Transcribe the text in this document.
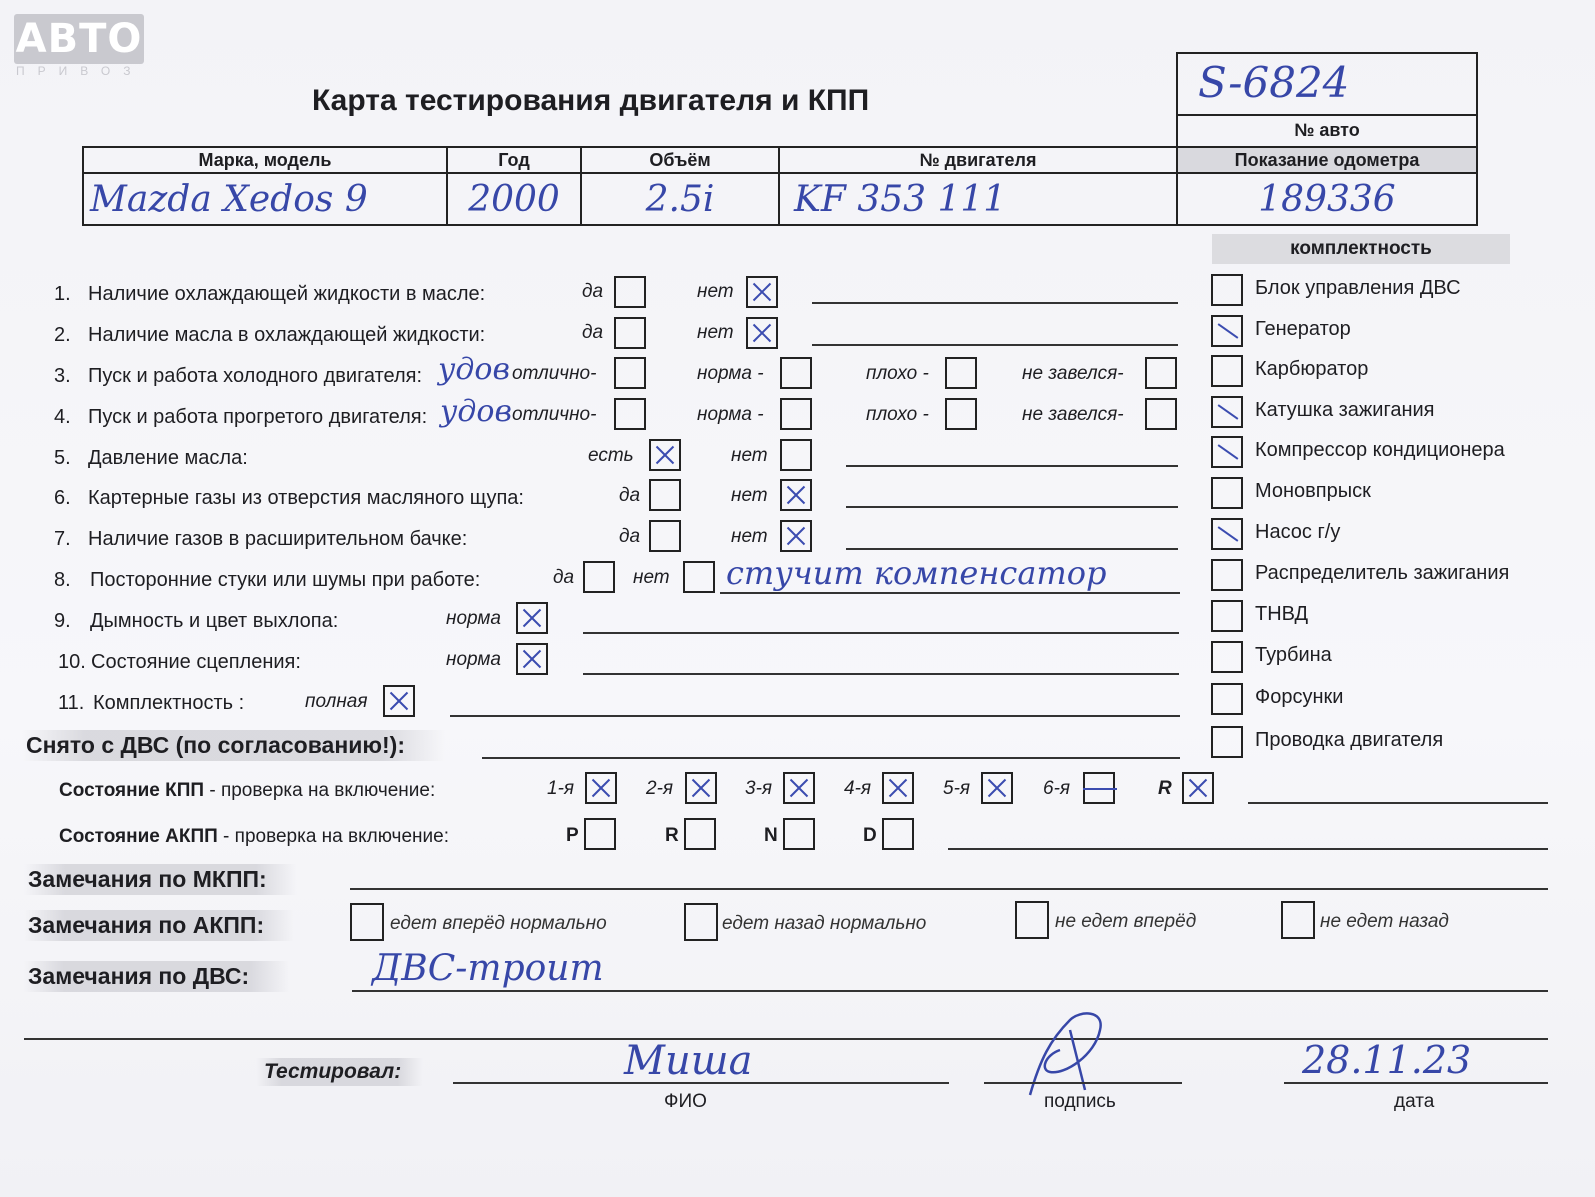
АВТО
ПРИВОЗ
Карта тестирования двигателя и КПП	S-6824
№ авто
Марка, модель	Год	Объём	№ двигателя	Показание одометра
Mazda Xedos 9	2000	2.5i	KF 353 111	189336
комплектность
Блок управления ДВС
Генератор
Карбюратор
Катушка зажигания
Компрессор кондиционера
Моновпрыск
Насос г/у
Распределитель зажигания
ТНВД
Турбина
Форсунки
Проводка двигателя
1. Наличие охлаждающей жидкости в масле:	да	нет
2. Наличие масла в охлаждающей жидкости:	да	нет
3. Пуск и работа холодного двигателя: удов отлично-	норма -	плохо -	не завелся-
4. Пуск и работа прогретого двигателя: удов отлично-	норма -	плохо -	не завелся-
5. Давление масла:	есть	нет
6. Картерные газы из отверстия масляного щупа:	да	нет
7. Наличие газов в расширительном бачке:	да	нет
8. Посторонние стуки или шумы при работе:	да	нет стучит компенсатор
9. Дымность и цвет выхлопа:	норма
10. Состояние сцепления:	норма
11. Комплектность :	полная
Снято с ДВС (по согласованию!):
Состояние КПП - проверка на включение:	1-я	2-я	3-я	4-я	5-я	6-я	R
Состояние АКПП - проверка на включение:	P	R	N	D
Замечания по МКПП:
Замечания по АКПП:	едет вперёд нормально	едет назад нормально	не едет вперёд	не едет назад
Замечания по ДВС:	ДВС-троит
Тестировал:	Миша
ФИО	подпись
28.11.23
дата
